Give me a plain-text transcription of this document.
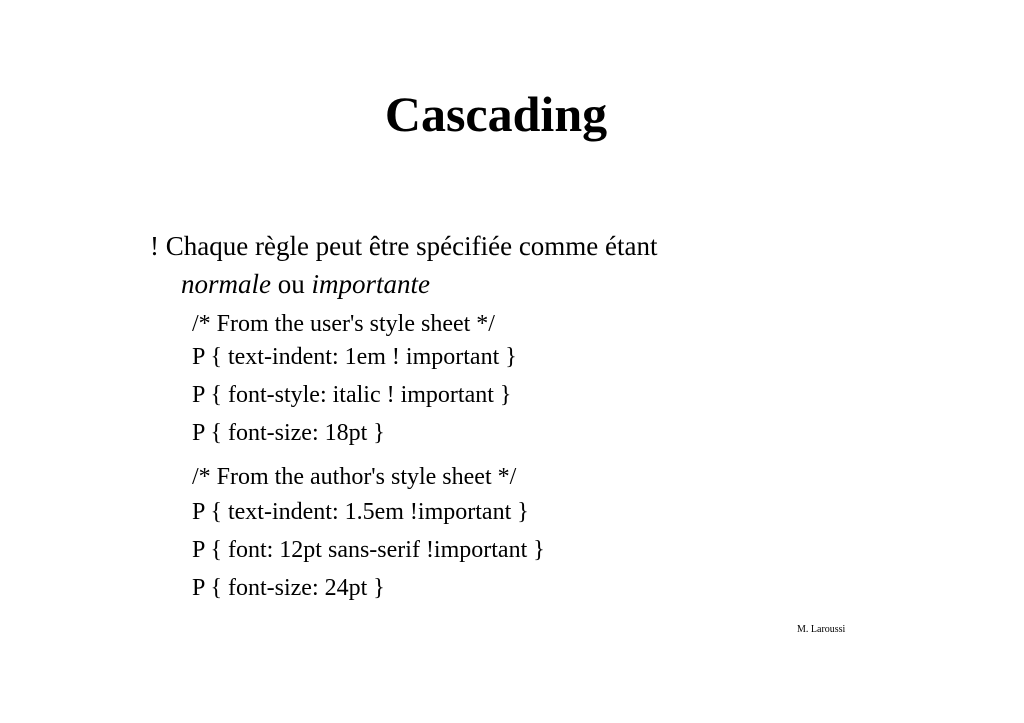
Cascading
! Chaque règle peut être spécifiée comme étant
normale ou importante
/* From the user's style sheet */
P { text-indent: 1em ! important }
P { font-style: italic ! important }
P { font-size: 18pt }
/* From the author's style sheet */
P { text-indent: 1.5em !important }
P { font: 12pt sans-serif !important }
P { font-size: 24pt }
M. Laroussi
